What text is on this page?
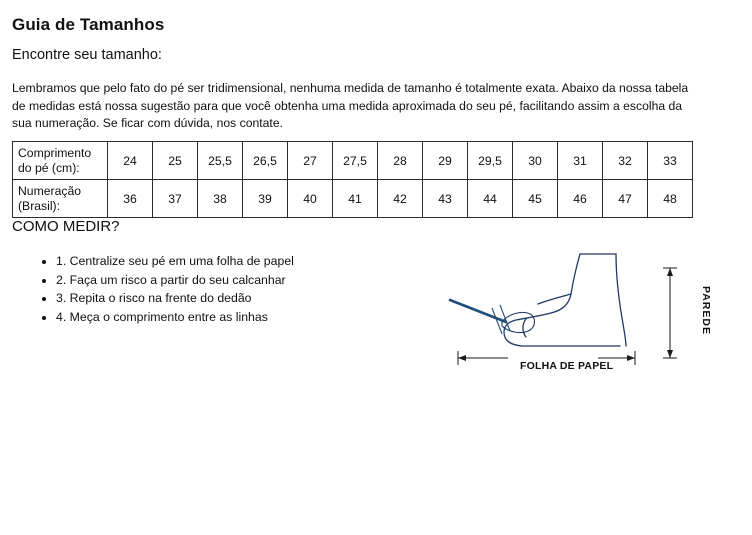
Guia de Tamanhos
Encontre seu tamanho:

Lembramos que pelo fato do pé ser tridimensional, nenhuma medida de tamanho é totalmente exata. Abaixo da nossa tabela de medidas está nossa sugestão para que você obtenha uma medida aproximada do seu pé, facilitando assim a escolha da sua numeração. Se ficar com dúvida, nos contate.

Comprimento do pé (cm):	24	25	25,5	26,5	27	27,5	28	29	29,5	30	31	32	33
Numeração (Brasil):	36	37	38	39	40	41	42	43	44	45	46	47	48
COMO MEDIR?
• 1. Centralize seu pé em uma folha de papel
• 2. Faça um risco a partir do seu calcanhar
• 3. Repita o risco na frente do dedão
• 4. Meça o comprimento entre as linhas
FOLHA DE PAPEL
PAREDE
